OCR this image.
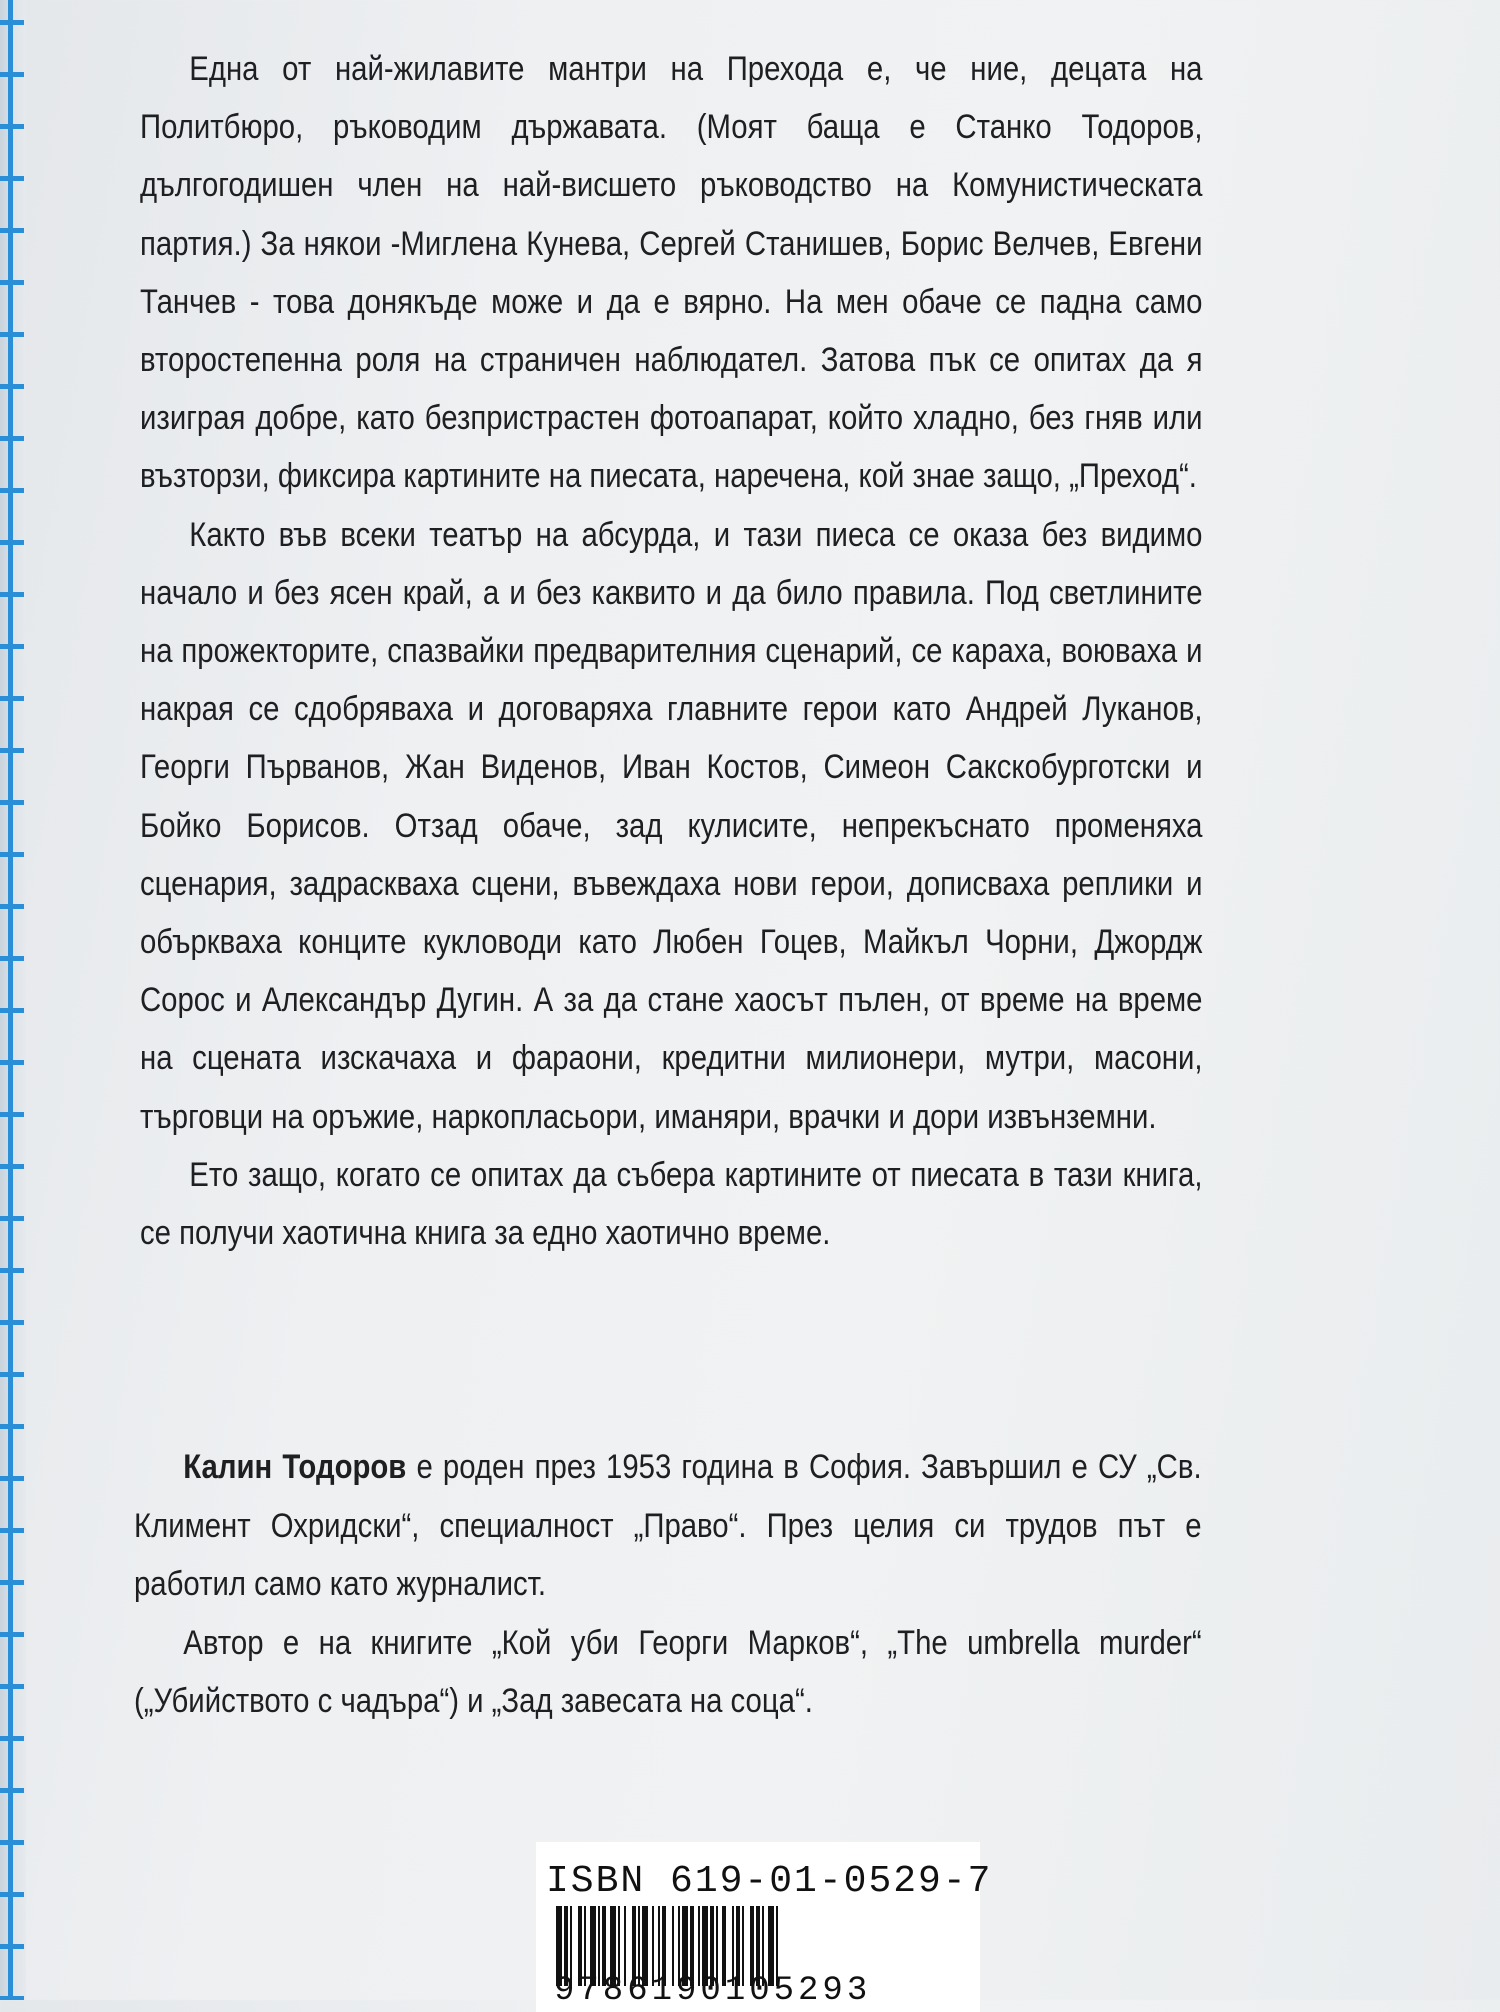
Една от най-жилавите мантри на Прехода е, че ние, децата на Политбюро, ръководим държавата. (Моят баща е Станко Тодоров, дългогодишен член на най-висшето ръководство на Комунистическата партия.) За някои -Миглена Кунева, Сергей Станишев, Борис Велчев, Евгени Танчев - това донякъде може и да е вярно. На мен обаче се падна само второстепенна роля на страничен наблюдател. Затова пък се опитах да я изиграя добре, като безпристрастен фотоапарат, който хладно, без гняв или възторзи, фиксира картините на пиесата, наречена, кой знае защо, „Преход“.

Както във всеки театър на абсурда, и тази пиеса се оказа без видимо начало и без ясен край, а и без каквито и да било правила. Под светлините на прожекторите, спазвайки предварителния сценарий, се караха, воюваха и накрая се сдобряваха и договаряха главните герои като Андрей Луканов, Георги Първанов, Жан Виденов, Иван Костов, Симеон Сакскобурготски и Бойко Борисов. Отзад обаче, зад кулисите, непрекъснато променяха сценария, задраскваха сцени, въвеждаха нови герои, дописваха реплики и объркваха конците кукловоди като Любен Гоцев, Майкъл Чорни, Джордж Сорос и Александър Дугин. А за да стане хаосът пълен, от време на време на сцената изскачаха и фараони, кредитни милионери, мутри, масони, търговци на оръжие, наркопласьори, иманяри, врачки и дори извънземни.

Ето защо, когато се опитах да събера картините от пиесата в тази книга, се получи хаотична книга за едно хаотично време.

Калин Тодоров е роден през 1953 година в София. Завършил е СУ „Св. Климент Охридски“, специалност „Право“. През целия си трудов път е работил само като журналист.

Автор е на книгите „Кой уби Георги Марков“, „The umbrella murder“ („Убийството с чадъра“) и „Зад завесата на соца“.

ISBN 619-01-0529-7
9786190105293
